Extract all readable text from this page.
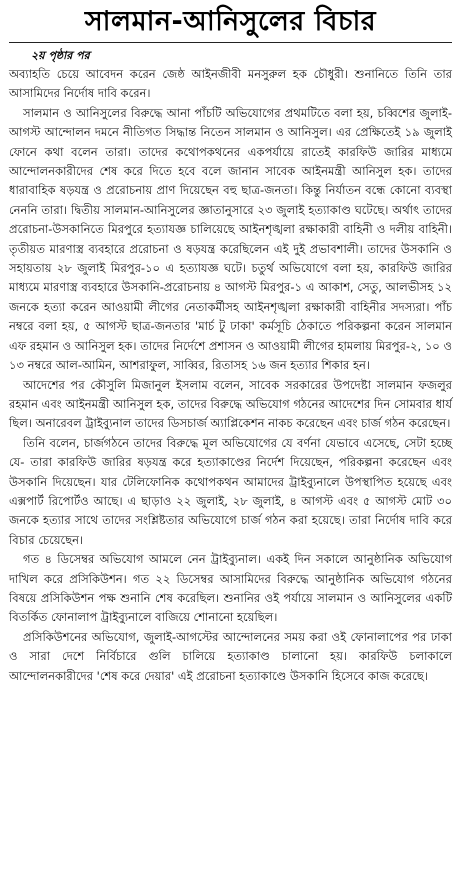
সালমান-আনিসুলের বিচার
২য় পৃষ্ঠার পর

অব্যাহতি চেয়ে আবেদন করেন জেষ্ঠ আইনজীবী মনসুরুল হক চৌধুরী। শুনানিতে তিনি তার আসামিদের নির্দোষ দাবি করেন।

সালমান ও আনিসুলের বিরুদ্ধে আনা পাঁচটি অভিযোগের প্রথমটিতে বলা হয়, চব্বিশের জুলাই-আগস্ট আন্দোলন দমনে নীতিগত সিদ্ধান্ত নিতেন সালমান ও আনিসুল। এর প্রেক্ষিতেই ১৯ জুলাই ফোনে কথা বলেন তারা। তাদের কথোপকথনের একপর্যায়ে রাতেই কারফিউ জারির মাধ্যমে আন্দোলনকারীদের শেষ করে দিতে হবে বলে জানান সাবেক আইনমন্ত্রী আনিসুল হক। তাদের ধারাবাহিক ষড়যন্ত্র ও প্ররোচনায় প্রাণ দিয়েছেন বহু ছাত্র-জনতা। কিন্তু নির্যাতন বন্ধে কোনো ব্যবস্থা নেননি তারা। দ্বিতীয় সালমান-আনিসুলের জ্ঞাতানুসারে ২৩ জুলাই হত্যাকাণ্ড ঘটেছে। অর্থাৎ তাদের প্ররোচনা-উসকানিতে মিরপুরে হত্যাযজ্ঞ চালিয়েছে আইনশৃঙ্খলা রক্ষাকারী বাহিনী ও দলীয় বাহিনী। তৃতীয়ত মারণাস্ত্র ব্যবহারে প্ররোচনা ও ষড়যন্ত্র করেছিলেন এই দুই প্রভাবশালী। তাদের উসকানি ও সহায়তায় ২৮ জুলাই মিরপুর-১০ এ হত্যাযজ্ঞ ঘটে। চতুর্থ অভিযোগে বলা হয়, কারফিউ জারির মাধ্যমে মারণাস্ত্র ব্যবহারে উসকানি-প্ররোচনায় ৪ আগস্ট মিরপুর-১ এ আকাশ, সেতু, আলভীসহ ১২ জনকে হত্যা করেন আওয়ামী লীগের নেতাকর্মীসহ আইনশৃঙ্খলা রক্ষাকারী বাহিনীর সদস্যরা। পাঁচ নম্বরে বলা হয়, ৫ আগস্ট ছাত্র-জনতার 'মার্চ টু ঢাকা' কর্মসূচি ঠেকাতে পরিকল্পনা করেন সালমান এফ রহমান ও আনিসুল হক। তাদের নির্দেশে প্রশাসন ও আওয়ামী লীগের হামলায় মিরপুর-২, ১০ ও ১৩ নম্বরে আল-আমিন, আশরাফুল, সাব্বির, রিতাসহ ১৬ জন হত্যার শিকার হন।

আদেশের পর কৌসুলি মিজানুল ইসলাম বলেন, সাবেক সরকারের উপদেষ্টা সালমান ফজলুর রহমান এবং আইনমন্ত্রী আনিসুল হক, তাদের বিরুদ্ধে অভিযোগ গঠনের আদেশের দিন সোমবার ধার্য ছিল। অনারেবল ট্রাইব্যুনাল তাদের ডিসচার্জ অ্যাপ্লিকেশন নাকচ করেছেন এবং চার্জ গঠন করেছেন।

তিনি বলেন, চার্জগঠনে তাদের বিরুদ্ধে মূল অভিযোগের যে বর্ণনা যেভাবে এসেছে, সেটা হচ্ছে যে- তারা কারফিউ জারির ষড়যন্ত্র করে হত্যাকাণ্ডের নির্দেশ দিয়েছেন, পরিকল্পনা করেছেন এবং উসকানি দিয়েছেন। যার টেলিফোনিক কথোপকথন আমাদের ট্রাইব্যুনালে উপস্থাপিত হয়েছে এবং এক্সপার্ট রিপোর্টও আছে। এ ছাড়াও ২২ জুলাই, ২৮ জুলাই, ৪ আগস্ট এবং ৫ আগস্ট মোট ৩০ জনকে হত্যার সাথে তাদের সংশ্লিষ্টতার অভিযোগে চার্জ গঠন করা হয়েছে। তারা নির্দোষ দাবি করে বিচার চেয়েছেন।

গত ৪ ডিসেম্বর অভিযোগ আমলে নেন ট্রাইব্যুনাল। একই দিন সকালে আনুষ্ঠানিক অভিযোগ দাখিল করে প্রসিকিউশন। গত ২২ ডিসেম্বর আসামিদের বিরুদ্ধে আনুষ্ঠানিক অভিযোগ গঠনের বিষয়ে প্রসিকিউশন পক্ষ শুনানি শেষ করেছিল। শুনানির ওই পর্যায়ে সালমান ও আনিসুলের একটি বিতর্কিত ফোনালাপ ট্রাইব্যুনালে বাজিয়ে শোনানো হয়েছিল।

প্রসিকিউশনের অভিযোগ, জুলাই-আগস্টের আন্দোলনের সময় করা ওই ফোনালাপের পর ঢাকা ও সারা দেশে নির্বিচারে গুলি চালিয়ে হত্যাকাণ্ড চালানো হয়। কারফিউ চলাকালে আন্দোলনকারীদের 'শেষ করে দেয়ার' এই প্ররোচনা হত্যাকাণ্ডে উসকানি হিসেবে কাজ করেছে।
